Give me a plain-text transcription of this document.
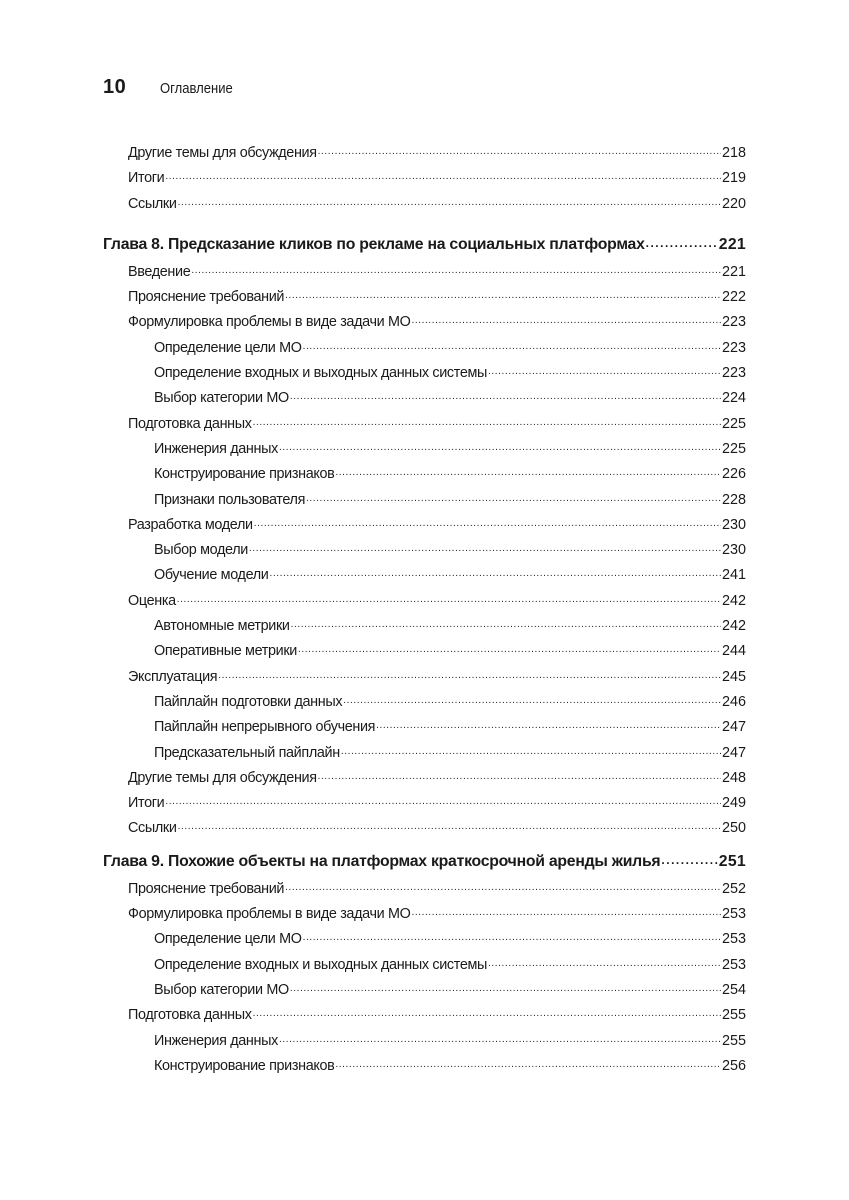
10 Оглавление
Другие темы для обсуждения .....	218
Итоги .....	219
Ссылки .....	220
Глава 8. Предсказание кликов по рекламе на социальных платформах .....	221
Введение .....	221
Прояснение требований .....	222
Формулировка проблемы в виде задачи МО .....	223
Определение цели МО .....	223
Определение входных и выходных данных системы .....	223
Выбор категории МО .....	224
Подготовка данных .....	225
Инженерия данных .....	225
Конструирование признаков .....	226
Признаки пользователя .....	228
Разработка модели .....	230
Выбор модели .....	230
Обучение модели .....	241
Оценка .....	242
Автономные метрики .....	242
Оперативные метрики .....	244
Эксплуатация .....	245
Пайплайн подготовки данных .....	246
Пайплайн непрерывного обучения .....	247
Предсказательный пайплайн .....	247
Другие темы для обсуждения .....	248
Итоги .....	249
Ссылки .....	250
Глава 9. Похожие объекты на платформах краткосрочной аренды жилья .....	251
Прояснение требований .....	252
Формулировка проблемы в виде задачи МО .....	253
Определение цели МО .....	253
Определение входных и выходных данных системы .....	253
Выбор категории МО .....	254
Подготовка данных .....	255
Инженерия данных .....	255
Конструирование признаков .....	256
